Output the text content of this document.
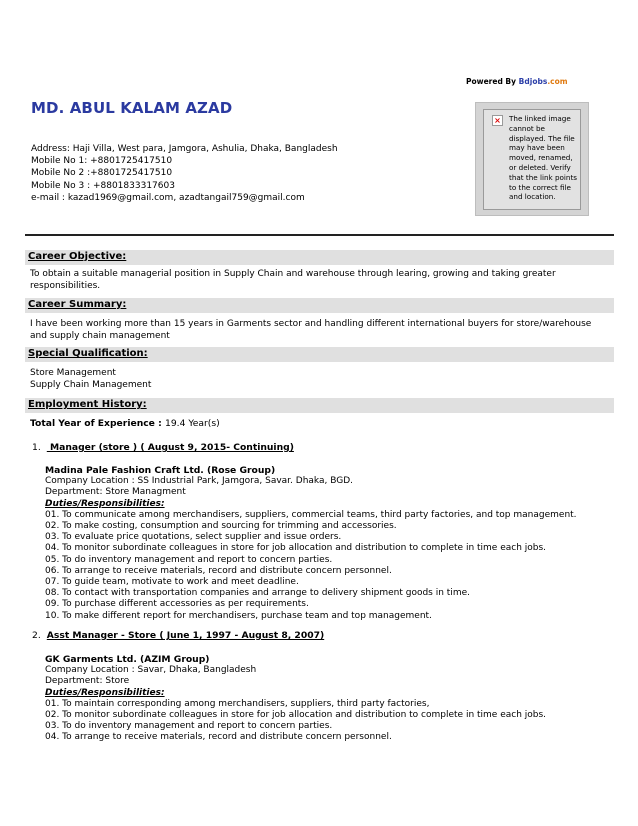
Powered By Bdjobs.com
MD. ABUL KALAM AZAD
Address: Haji Villa, West para, Jamgora, Ashulia, Dhaka, Bangladesh
Mobile No 1: +8801725417510
Mobile No 2 :+8801725417510
Mobile No 3 : +8801833317603
e-mail : kazad1969@gmail.com, azadtangail759@gmail.com
× The linked image cannot be displayed. The file may have been moved, renamed, or deleted. Verify that the link points to the correct file and location.
Career Objective:
To obtain a suitable managerial position in Supply Chain and warehouse through learing, growing and taking greater responsibilities.
Career Summary:
I have been working more than 15 years in Garments sector and handling different international buyers for store/warehouse and supply chain management
Special Qualification:
Store Management
Supply Chain Management
Employment History:
Total Year of Experience : 19.4 Year(s)
1. Manager (store ) ( August 9, 2015- Continuing)
Madina Pale Fashion Craft Ltd. (Rose Group)
Company Location : SS Industrial Park, Jamgora, Savar. Dhaka, BGD.
Department: Store Managment
Duties/Responsibilities:
01. To communicate among merchandisers, suppliers, commercial teams, third party factories, and top management.
02. To make costing, consumption and sourcing for trimming and accessories.
03. To evaluate price quotations, select supplier and issue orders.
04. To monitor subordinate colleagues in store for job allocation and distribution to complete in time each jobs.
05. To do inventory management and report to concern parties.
06. To arrange to receive materials, record and distribute concern personnel.
07. To guide team, motivate to work and meet deadline.
08. To contact with transportation companies and arrange to delivery shipment goods in time.
09. To purchase different accessories as per requirements.
10. To make different report for merchandisers, purchase team and top management.
2. Asst Manager - Store ( June 1, 1997 - August 8, 2007)
GK Garments Ltd. (AZIM Group)
Company Location : Savar, Dhaka, Bangladesh
Department: Store
Duties/Responsibilities:
01. To maintain corresponding among merchandisers, suppliers, third party factories,
02. To monitor subordinate colleagues in store for job allocation and distribution to complete in time each jobs.
03. To do inventory management and report to concern parties.
04. To arrange to receive materials, record and distribute concern personnel.
